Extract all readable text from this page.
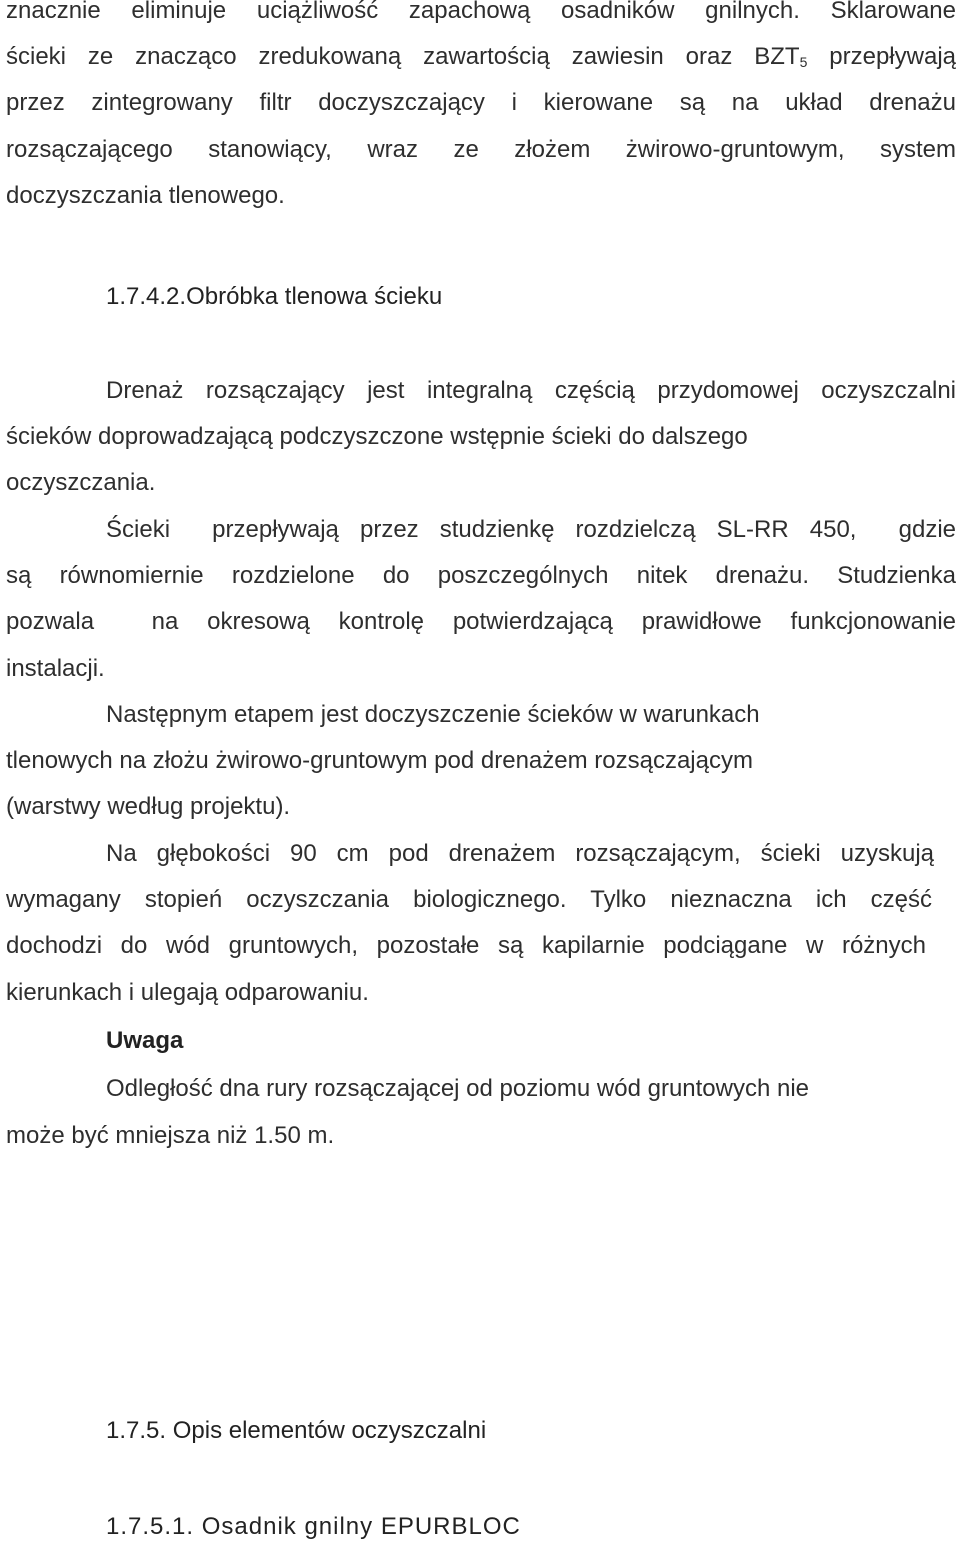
znacznie eliminuje uciążliwość zapachową osadników gnilnych. Sklarowane
ścieki ze znacząco zredukowaną zawartością zawiesin oraz $BZT_5$ przepływają
przez zintegrowany filtr doczyszczający i kierowane są na układ drenażu
rozsączającego stanowiący, wraz ze złożem żwirowo-gruntowym, system
doczyszczania tlenowego.
1.7.4.2.Obróbka tlenowa ścieku
Drenaż rozsączający jest integralną częścią przydomowej oczyszczalni
ścieków doprowadzającą podczyszczone wstępnie ścieki do dalszego
oczyszczania.
Ścieki  przepływają przez studzienkę rozdzielczą SL-RR 450,  gdzie
są równomiernie rozdzielone do poszczególnych nitek drenażu. Studzienka
pozwala  na okresową kontrolę potwierdzającą prawidłowe funkcjonowanie
instalacji.
Następnym etapem jest doczyszczenie ścieków w warunkach
tlenowych na złożu żwirowo-gruntowym pod drenażem rozsączającym
(warstwy według projektu).
Na głębokości 90 cm pod drenażem rozsączającym, ścieki uzyskują
wymagany stopień oczyszczania biologicznego. Tylko nieznaczna ich część
dochodzi do wód gruntowych, pozostałe są kapilarnie podciągane w różnych
kierunkach i ulegają odparowaniu.
Uwaga
Odległość dna rury rozsączającej od poziomu wód gruntowych nie
może być mniejsza niż 1.50 m.
1.7.5. Opis elementów oczyszczalni
1.7.5.1. Osadnik gnilny EPURBLOC
